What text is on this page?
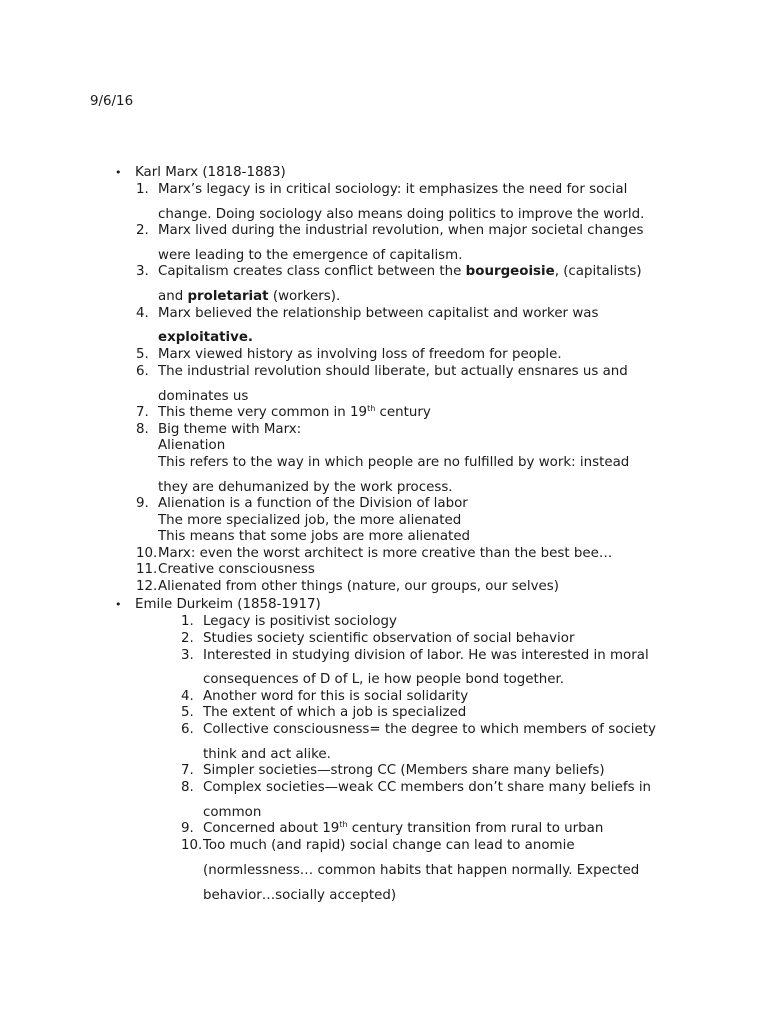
9/6/16
• Karl Marx (1818-1883)
1. Marx’s legacy is in critical sociology: it emphasizes the need for social
change. Doing sociology also means doing politics to improve the world.
2. Marx lived during the industrial revolution, when major societal changes
were leading to the emergence of capitalism.
3. Capitalism creates class conflict between the bourgeoisie, (capitalists)
and proletariat (workers).
4. Marx believed the relationship between capitalist and worker was
exploitative.
5. Marx viewed history as involving loss of freedom for people.
6. The industrial revolution should liberate, but actually ensnares us and
dominates us
7. This theme very common in 19th century
8. Big theme with Marx:
Alienation
This refers to the way in which people are no fulfilled by work: instead
they are dehumanized by the work process.
9. Alienation is a function of the Division of labor
The more specialized job, the more alienated
This means that some jobs are more alienated
10. Marx: even the worst architect is more creative than the best bee…
11. Creative consciousness
12. Alienated from other things (nature, our groups, our selves)
• Emile Durkeim (1858-1917)
1. Legacy is positivist sociology
2. Studies society scientific observation of social behavior
3. Interested in studying division of labor. He was interested in moral
consequences of D of L, ie how people bond together.
4. Another word for this is social solidarity
5. The extent of which a job is specialized
6. Collective consciousness= the degree to which members of society
think and act alike.
7. Simpler societies—strong CC (Members share many beliefs)
8. Complex societies—weak CC members don’t share many beliefs in
common
9. Concerned about 19th century transition from rural to urban
10. Too much (and rapid) social change can lead to anomie
(normlessness… common habits that happen normally. Expected
behavior…socially accepted)
